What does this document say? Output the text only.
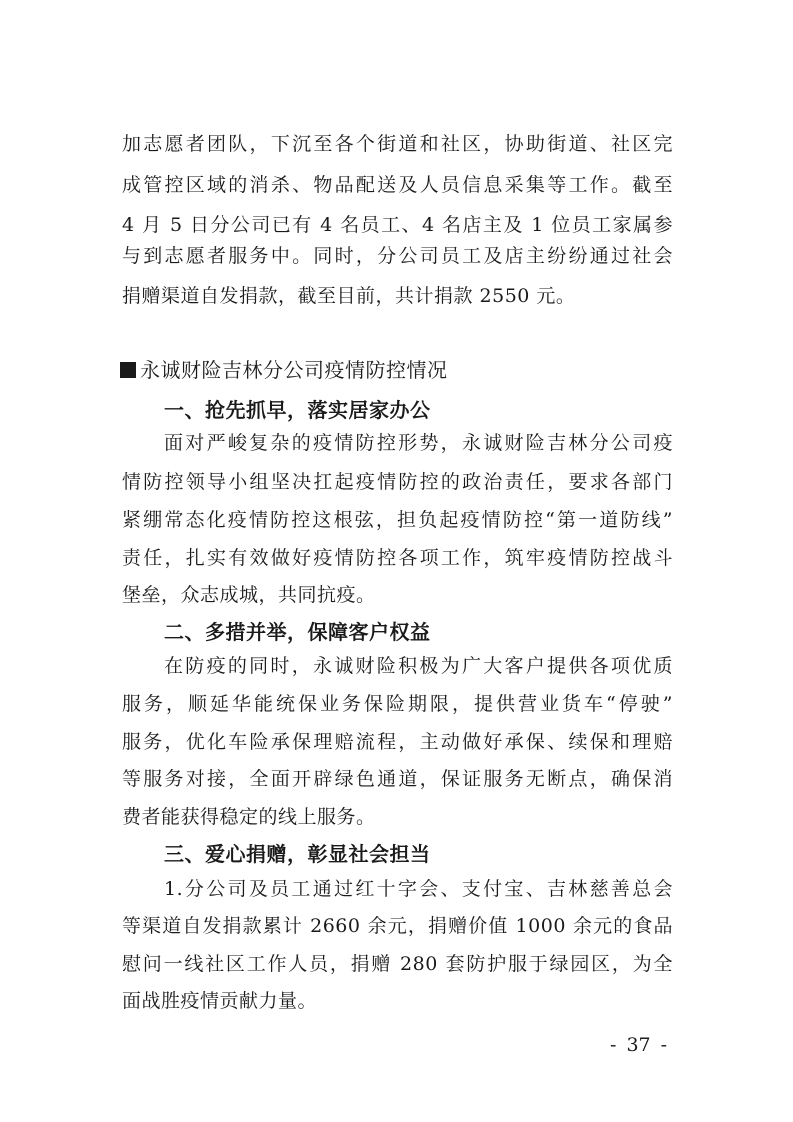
加志愿者团队，下沉至各个街道和社区，协助街道、社区完
成管控区域的消杀、物品配送及人员信息采集等工作。截至
4 月 5 日分公司已有 4 名员工、4 名店主及 1 位员工家属参
与到志愿者服务中。同时，分公司员工及店主纷纷通过社会
捐赠渠道自发捐款，截至目前，共计捐款 2550 元。
永诚财险吉林分公司疫情防控情况
一、抢先抓早，落实居家办公
面对严峻复杂的疫情防控形势，永诚财险吉林分公司疫
情防控领导小组坚决扛起疫情防控的政治责任，要求各部门
紧绷常态化疫情防控这根弦，担负起疫情防控“第一道防线”
责任，扎实有效做好疫情防控各项工作，筑牢疫情防控战斗
堡垒，众志成城，共同抗疫。
二、多措并举，保障客户权益
在防疫的同时，永诚财险积极为广大客户提供各项优质
服务，顺延华能统保业务保险期限，提供营业货车“停驶”
服务，优化车险承保理赔流程，主动做好承保、续保和理赔
等服务对接，全面开辟绿色通道，保证服务无断点，确保消
费者能获得稳定的线上服务。
三、爱心捐赠，彰显社会担当
1.分公司及员工通过红十字会、支付宝、吉林慈善总会
等渠道自发捐款累计 2660 余元，捐赠价值 1000 余元的食品
慰问一线社区工作人员，捐赠 280 套防护服于绿园区，为全
面战胜疫情贡献力量。
- 37 -
